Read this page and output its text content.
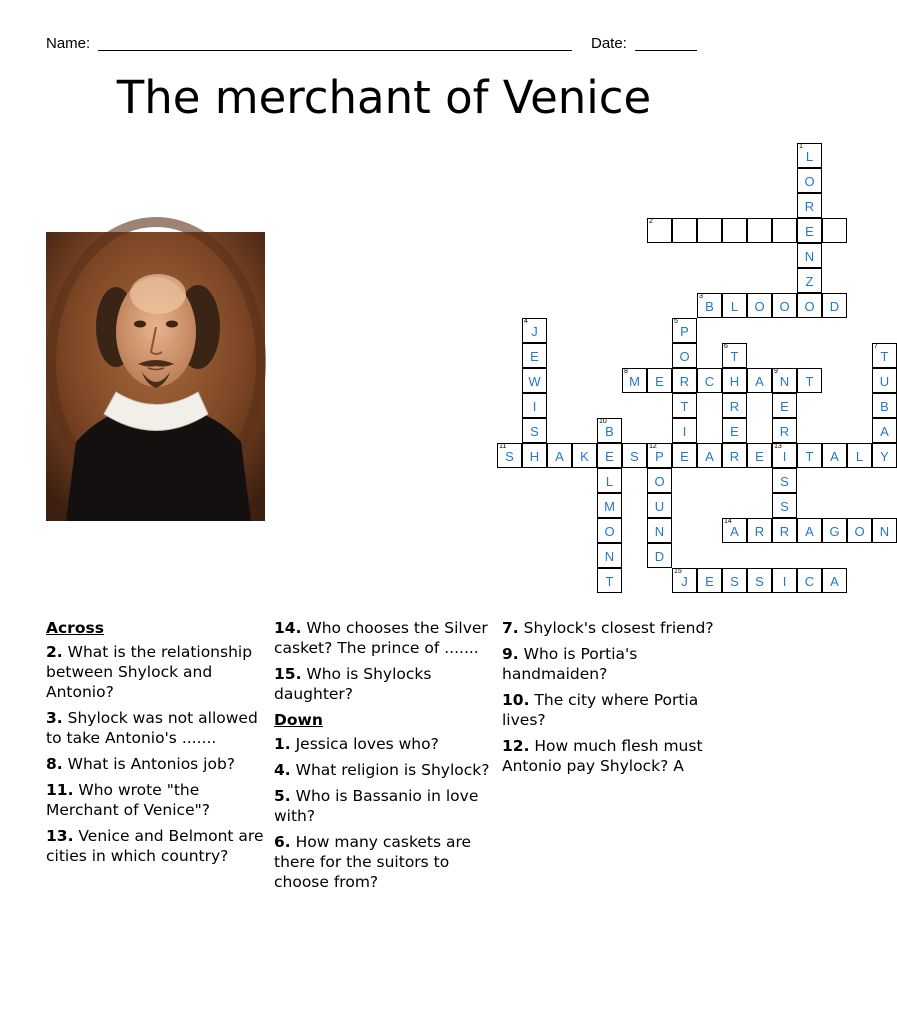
Name:	Date:
The merchant of Venice
1
L
O
R
2
E
N
Z
3
B	L	O	O	O	D
4
J
5
P
E	O
6
T
7
T
W
8
M	E	R	C	H	A
9
N	T	U
I	T	R	E	B
S
10
B	I	E	R	A
11
S	H	A	K	E	S
12
P	E	A	R	E
13
I	T	A	L	Y
L	O	S
M	U	S
O	N
14
A	R	R	A	G	O	N
N	D
T
15
J	E	S	S	I	C	A
Across
2. What is the relationship between Shylock and Antonio?
3. Shylock was not allowed to take Antonio's .......
8. What is Antonios job?
11. Who wrote "the Merchant of Venice"?
13. Venice and Belmont are cities in which country?
14. Who chooses the Silver casket? The prince of .......
15. Who is Shylocks daughter?
Down
1. Jessica loves who?
4. What religion is Shylock?
5. Who is Bassanio in love with?
6. How many caskets are there for the suitors to choose from?
7. Shylock's closest friend?
9. Who is Portia's handmaiden?
10. The city where Portia lives?
12. How much flesh must Antonio pay Shylock? A
